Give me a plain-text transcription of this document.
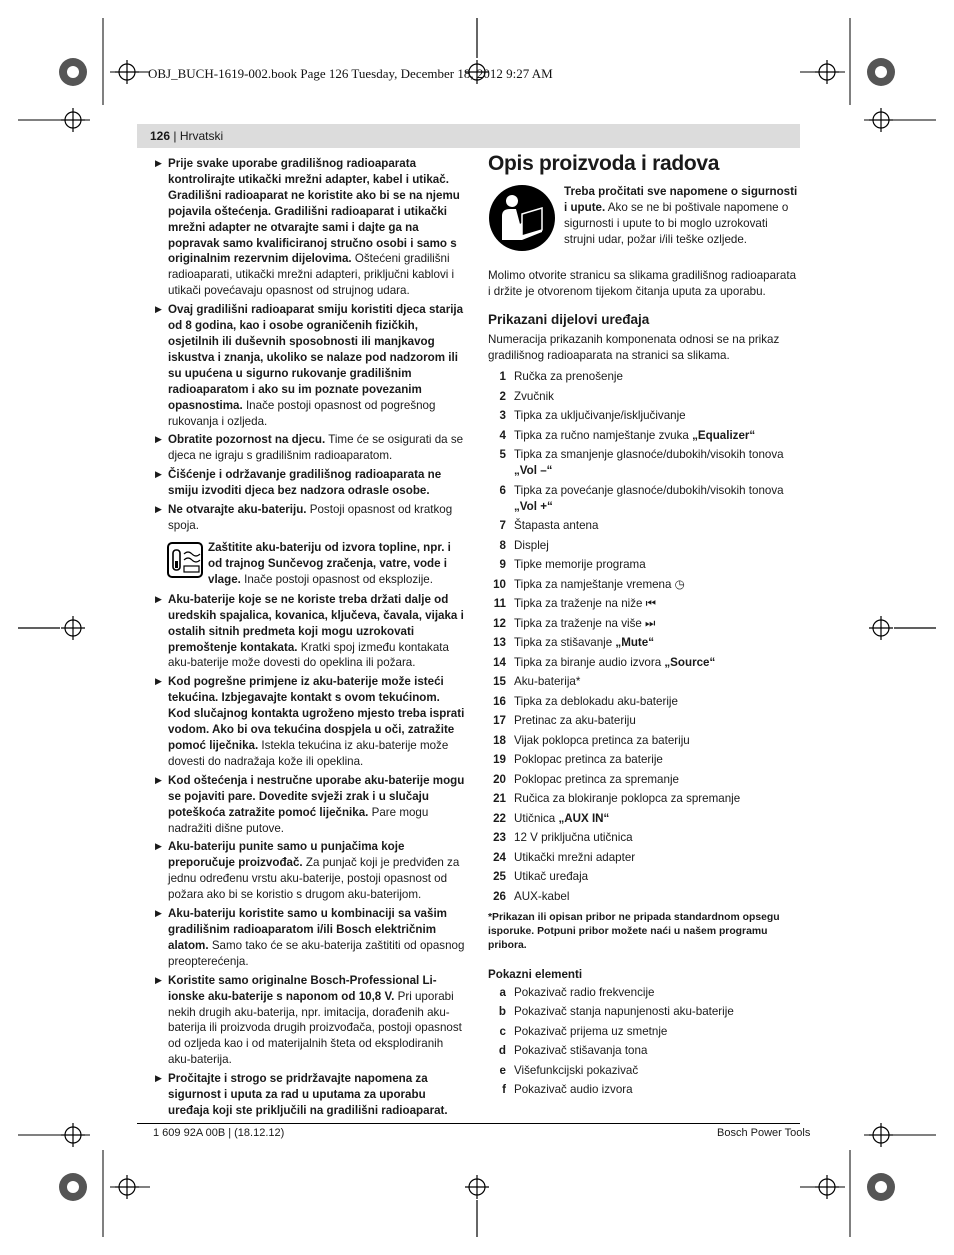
OBJ_BUCH-1619-002.book Page 126 Tuesday, December 18, 2012 9:27 AM
126 | Hrvatski
▶ Prije svake uporabe gradilišnog radioaparata kontrolirajte utikački mrežni adapter, kabel i utikač. Gradilišni radioaparat ne koristite ako bi se na njemu pojavila oštećenja. Gradilišni radioaparat i utikački mrežni adapter ne otvarajte sami i dajte ga na popravak samo kvalificiranoj stručno osobi i samo s originalnim rezervnim dijelovima. Oštećeni gradilišni radioaparati, utikački mrežni adapteri, priključni kablovi i utikači povećavaju opasnost od strujnog udara.
▶ Ovaj gradilišni radioaparat smiju koristiti djeca starija od 8 godina, kao i osobe ograničenih fizičkih, osjetilnih ili duševnih sposobnosti ili manjkavog iskustva i znanja, ukoliko se nalaze pod nadzorom ili su upućena u sigurno rukovanje gradilišnim radioaparatom i ako su im poznate povezanim opasnostima. Inače postoji opasnost od pogrešnog rukovanja i ozljeda.
▶ Obratite pozornost na djecu. Time će se osigurati da se djeca ne igraju s gradilišnim radioaparatom.
▶ Čišćenje i održavanje gradilišnog radioaparata ne smiju izvoditi djeca bez nadzora odrasle osobe.
▶ Ne otvarajte aku-bateriju. Postoji opasnost od kratkog spoja.
Zaštitite aku-bateriju od izvora topline, npr. i od trajnog Sunčevog zračenja, vatre, vode i vlage. Inače postoji opasnost od eksplozije.
▶ Aku-baterije koje se ne koriste treba držati dalje od uredskih spajalica, kovanica, ključeva, čavala, vijaka i ostalih sitnih predmeta koji mogu uzrokovati premoštenje kontakata. Kratki spoj između kontakata aku-baterije može dovesti do opeklina ili požara.
▶ Kod pogrešne primjene iz aku-baterije može isteći tekućina. Izbjegavajte kontakt s ovom tekućinom. Kod slučajnog kontakta ugroženo mjesto treba isprati vodom. Ako bi ova tekućina dospjela u oči, zatražite pomoć liječnika. Istekla tekućina iz aku-baterije može dovesti do nadražaja kože ili opeklina.
▶ Kod oštećenja i nestručne uporabe aku-baterije mogu se pojaviti pare. Dovedite svježi zrak i u slučaju poteškoća zatražite pomoć liječnika. Pare mogu nadražiti dišne putove.
▶ Aku-bateriju punite samo u punjačima koje preporučuje proizvođač. Za punjač koji je predviđen za jednu određenu vrstu aku-baterije, postoji opasnost od požara ako bi se koristio s drugom aku-baterijom.
▶ Aku-bateriju koristite samo u kombinaciji sa vašim gradilišnim radioaparatom i/ili Bosch električnim alatom. Samo tako će se aku-baterija zaštititi od opasnog preopterećenja.
▶ Koristite samo originalne Bosch-Professional Li-ionske aku-baterije s naponom od 10,8 V. Pri uporabi nekih drugih aku-baterija, npr. imitacija, dorađenih aku-baterija ili proizvoda drugih proizvođača, postoji opasnost od ozljeda kao i od materijalnih šteta od eksplodiranih aku-baterija.
▶ Pročitajte i strogo se pridržavajte napomena za sigurnost i uputa za rad u uputama za uporabu uređaja koji ste priključili na gradilišni radioaparat.
Opis proizvoda i radova
Treba pročitati sve napomene o sigurnosti i upute. Ako se ne bi poštivale napomene o sigurnosti i upute to bi moglo uzrokovati strujni udar, požar i/ili teške ozljede.

Molimo otvorite stranicu sa slikama gradilišnog radioaparata i držite je otvorenom tijekom čitanja uputa za uporabu.

Prikazani dijelovi uređaja

Numeracija prikazanih komponenata odnosi se na prikaz gradilišnog radioaparata na stranici sa slikama.

1 Ručka za prenošenje
2 Zvučnik
3 Tipka za uključivanje/isključivanje
4 Tipka za ručno namještanje zvuka „Equalizer“
5 Tipka za smanjenje glasnoće/dubokih/visokih tonova „Vol –“
6 Tipka za povećanje glasnoće/dubokih/visokih tonova „Vol +“
7 Štapasta antena
8 Displej
9 Tipke memorije programa
10 Tipka za namještanje vremena ◷
11 Tipka za traženje na niže ⏮
12 Tipka za traženje na više ⏭
13 Tipka za stišavanje „Mute“
14 Tipka za biranje audio izvora „Source“
15 Aku-baterija*
16 Tipka za deblokadu aku-baterije
17 Pretinac za aku-bateriju
18 Vijak poklopca pretinca za bateriju
19 Poklopac pretinca za baterije
20 Poklopac pretinca za spremanje
21 Ručica za blokiranje poklopca za spremanje
22 Utičnica „AUX IN“
23 12 V priključna utičnica
24 Utikački mrežni adapter
25 Utikač uređaja
26 AUX-kabel
*Prikazan ili opisan pribor ne pripada standardnom opsegu isporuke. Potpuni pribor možete naći u našem programu pribora.
Pokazni elementi
a Pokazivač radio frekvencije
b Pokazivač stanja napunjenosti aku-baterije
c Pokazivač prijema uz smetnje
d Pokazivač stišavanja tona
e Višefunkcijski pokazivač
f Pokazivač audio izvora
1 609 92A 00B | (18.12.12)	Bosch Power Tools
